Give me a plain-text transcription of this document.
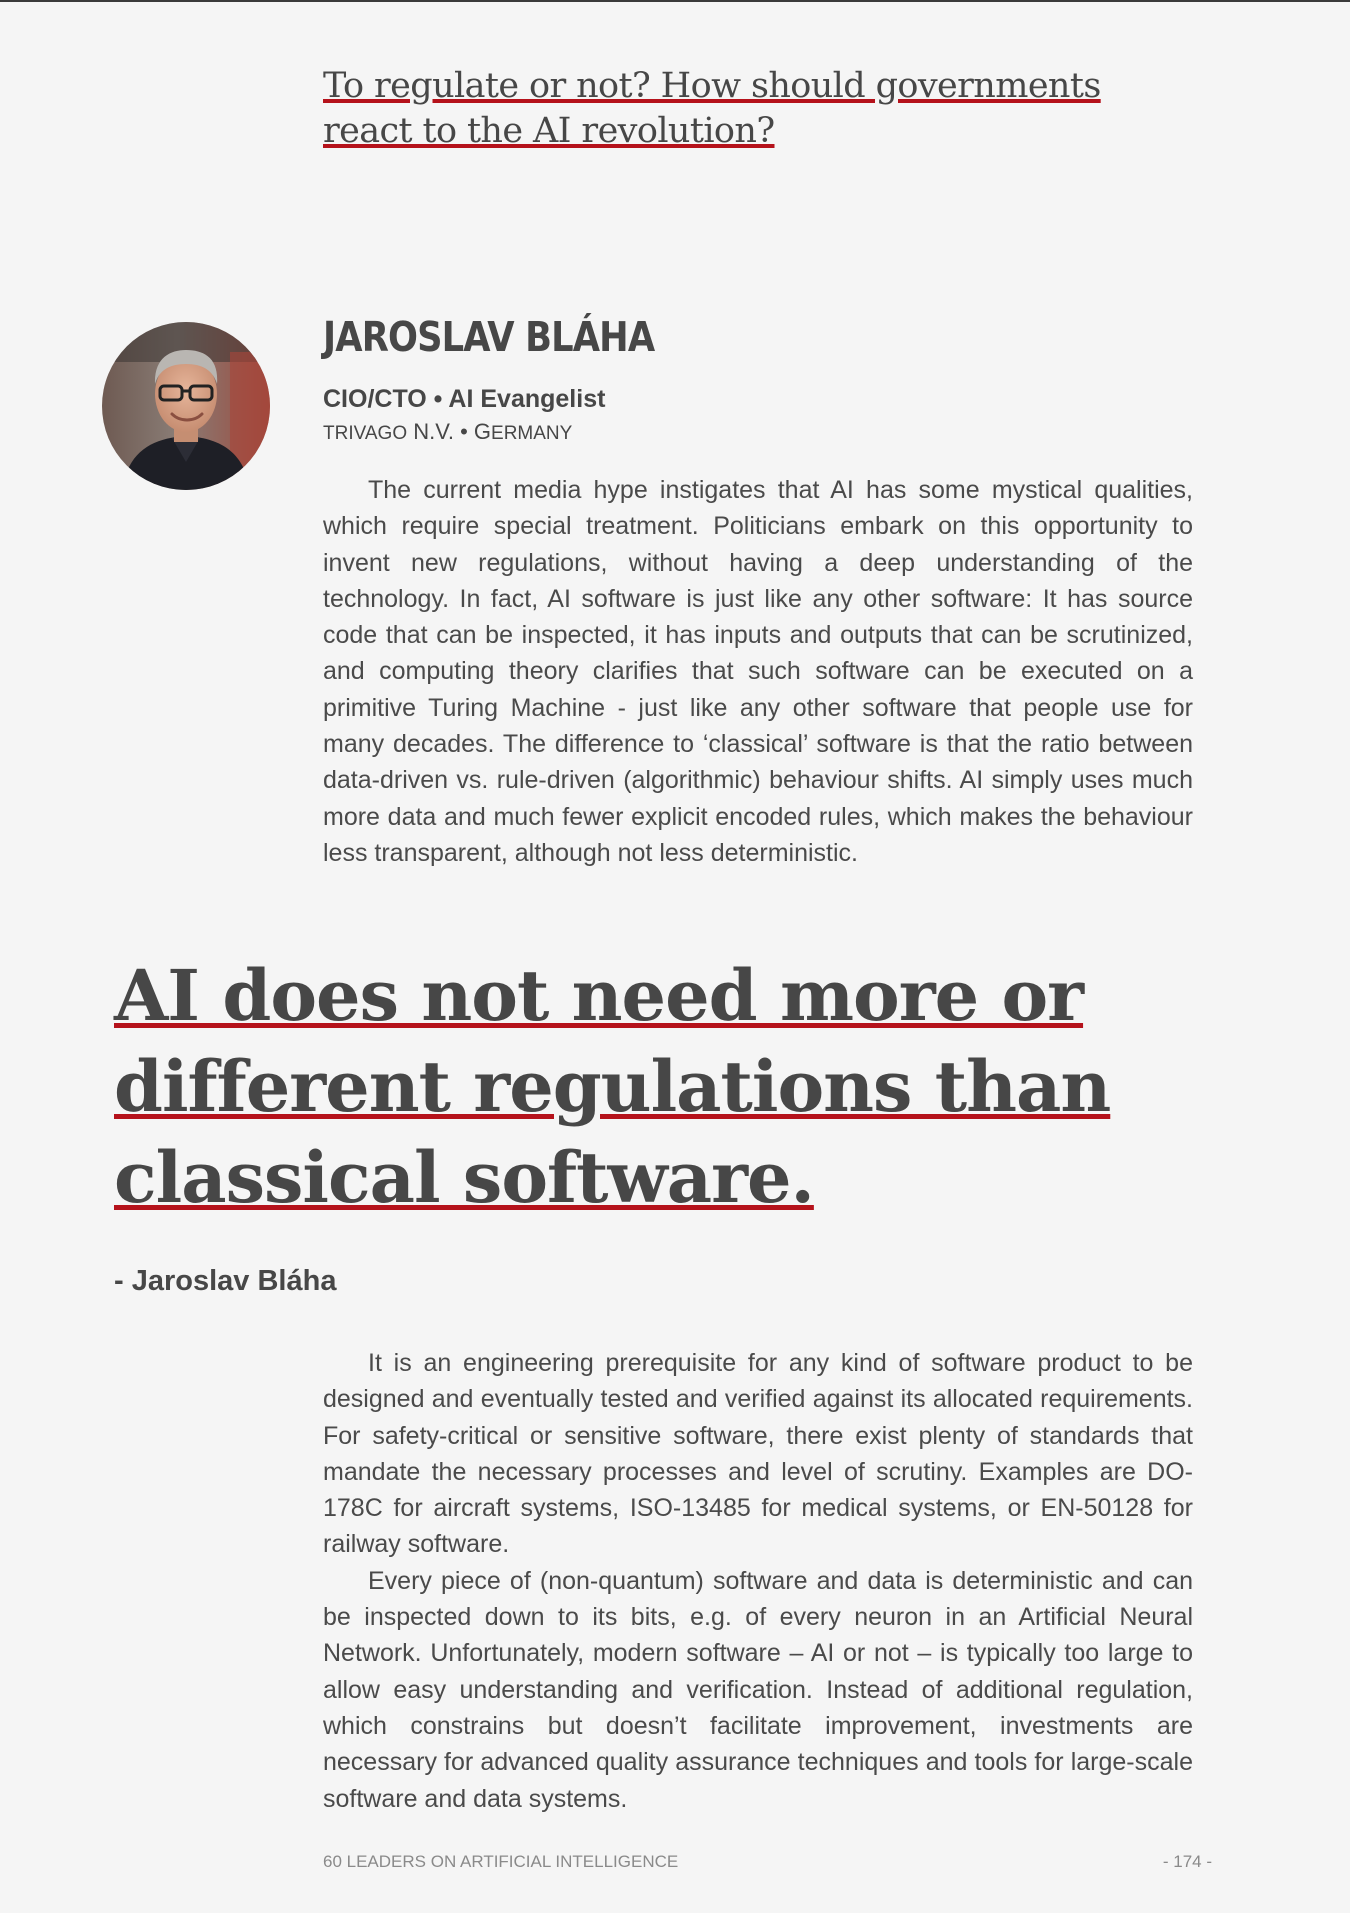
To regulate or not? How should governments react to the AI revolution?
JAROSLAV BLÁHA
CIO/CTO • AI Evangelist
TRIVAGO N.V. • GERMANY

The current media hype instigates that AI has some mystical qualities, which require special treatment. Politicians embark on this opportunity to invent new regulations, without having a deep understanding of the technology. In fact, AI software is just like any other software: It has source code that can be inspected, it has inputs and outputs that can be scrutinized, and computing theory clarifies that such software can be executed on a primitive Turing Machine - just like any other software that people use for many decades. The difference to ‘classical’ software is that the ratio between data-driven vs. rule-driven (algorithmic) behaviour shifts. AI simply uses much more data and much fewer explicit encoded rules, which makes the behaviour less transparent, although not less deterministic.

AI does not need more or different regulations than classical software.
- Jaroslav Bláha

It is an engineering prerequisite for any kind of software product to be designed and eventually tested and verified against its allocated requirements. For safety-critical or sensitive software, there exist plenty of standards that mandate the necessary processes and level of scrutiny. Examples are DO-178C for aircraft systems, ISO-13485 for medical systems, or EN-50128 for railway software.

Every piece of (non-quantum) software and data is deterministic and can be inspected down to its bits, e.g. of every neuron in an Artificial Neural Network. Unfortunately, modern software – AI or not – is typically too large to allow easy understanding and verification. Instead of additional regulation, which constrains but doesn’t facilitate improvement, investments are necessary for advanced quality assurance techniques and tools for large-scale software and data systems.

60 LEADERS ON ARTIFICIAL INTELLIGENCE	- 174 -
